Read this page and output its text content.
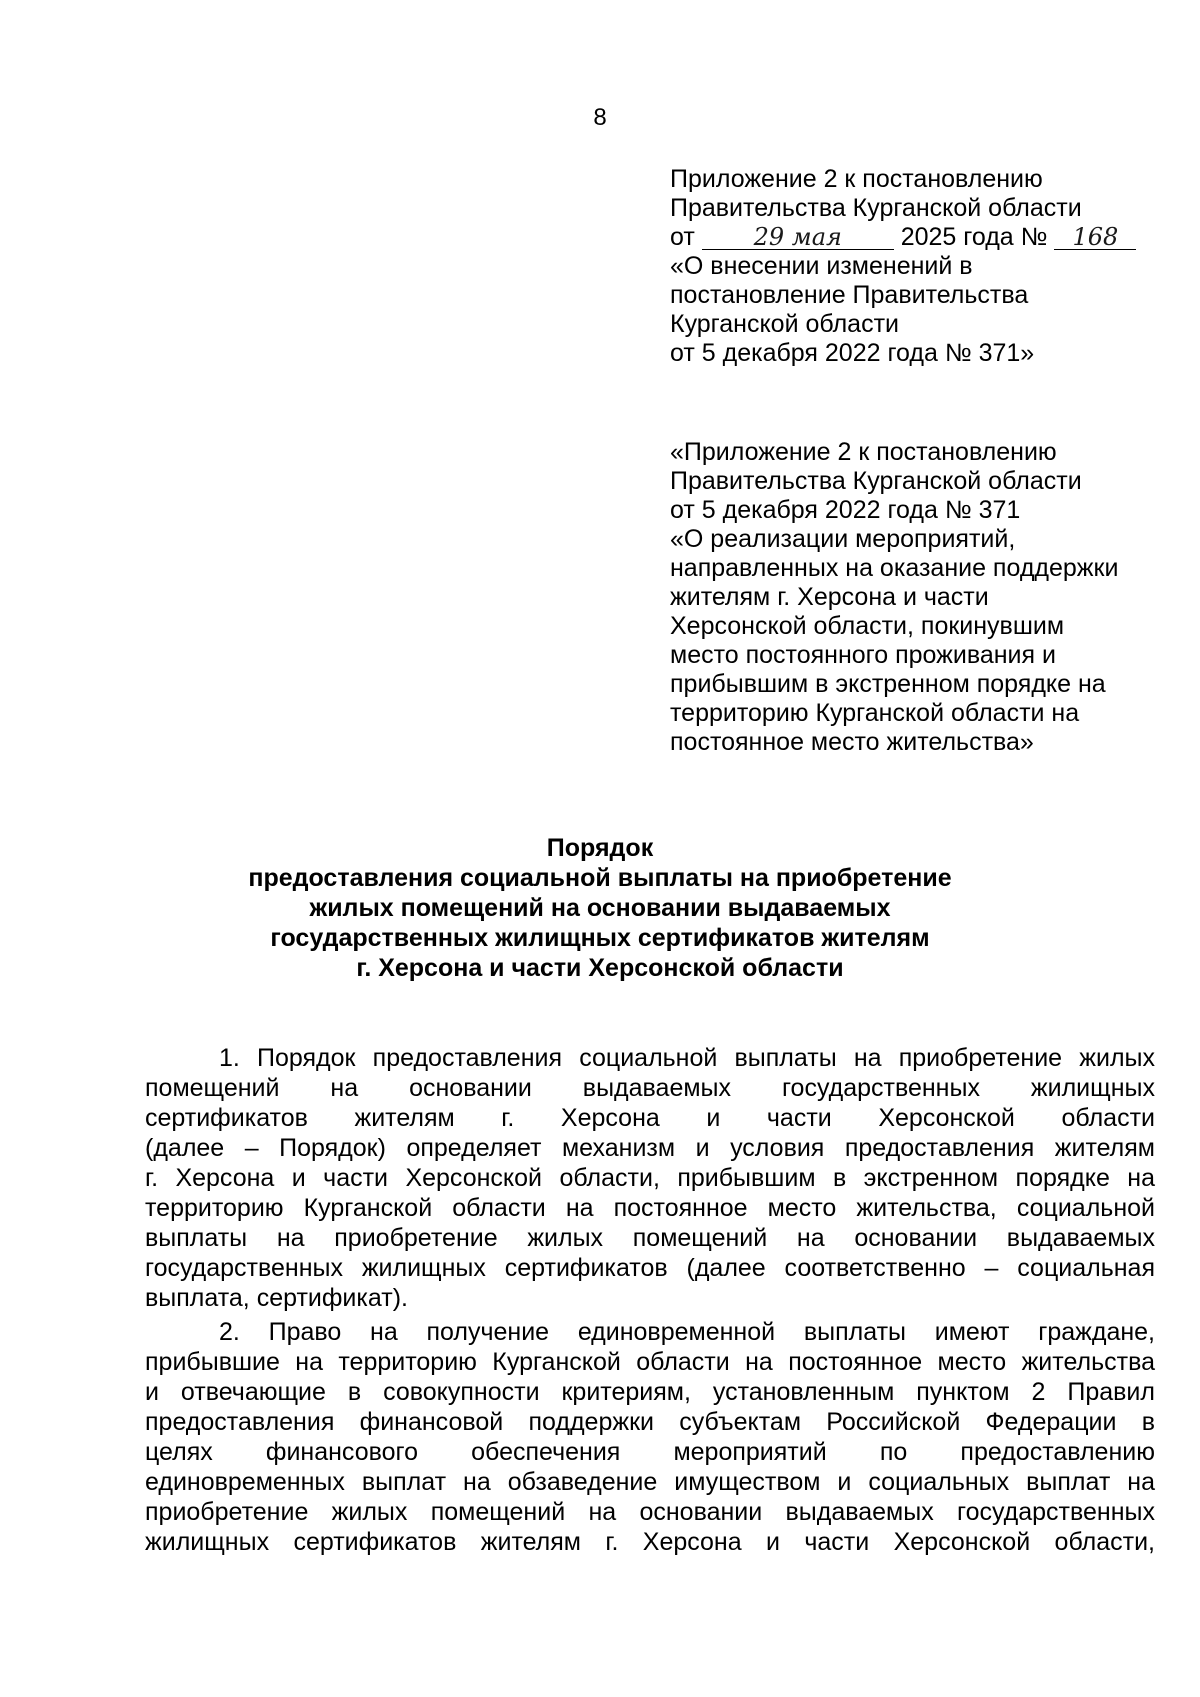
8
Приложение 2 к постановлению
Правительства Курганской области
от 29 мая 2025 года № 168
«О внесении изменений в
постановление Правительства
Курганской области
от 5 декабря 2022 года № 371»
«Приложение 2 к постановлению
Правительства Курганской области
от 5 декабря 2022 года № 371
«О реализации мероприятий,
направленных на оказание поддержки
жителям г. Херсона и части
Херсонской области, покинувшим
место постоянного проживания и
прибывшим в экстренном порядке на
территорию Курганской области на
постоянное место жительства»
Порядок
предоставления социальной выплаты на приобретение
жилых помещений на основании выдаваемых
государственных жилищных сертификатов жителям
г. Херсона и части Херсонской области
1. Порядок предоставления социальной выплаты на приобретение жилых
помещений на основании выдаваемых государственных жилищных
сертификатов жителям г. Херсона и части Херсонской области
(далее – Порядок) определяет механизм и условия предоставления жителям
г. Херсона и части Херсонской области, прибывшим в экстренном порядке на
территорию Курганской области на постоянное место жительства, социальной
выплаты на приобретение жилых помещений на основании выдаваемых
государственных жилищных сертификатов (далее соответственно – социальная
выплата, сертификат).
2. Право на получение единовременной выплаты имеют граждане,
прибывшие на территорию Курганской области на постоянное место жительства
и отвечающие в совокупности критериям, установленным пунктом 2 Правил
предоставления финансовой поддержки субъектам Российской Федерации в
целях финансового обеспечения мероприятий по предоставлению
единовременных выплат на обзаведение имуществом и социальных выплат на
приобретение жилых помещений на основании выдаваемых государственных
жилищных сертификатов жителям г. Херсона и части Херсонской области,
